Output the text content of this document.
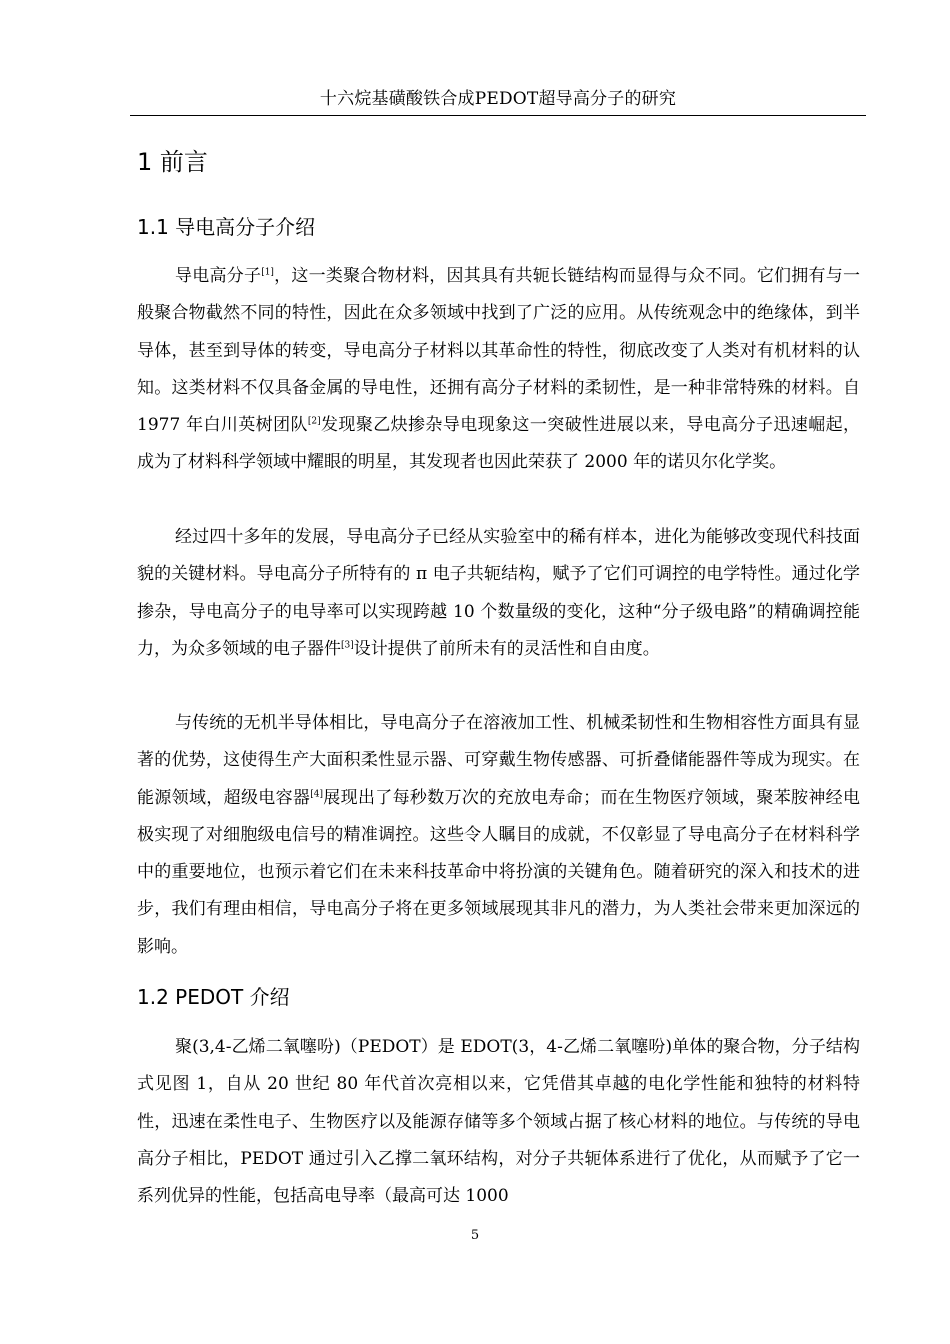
十六烷基磺酸铁合成PEDOT超导高分子的研究
1 前言
1.1 导电高分子介绍

导电高分子[1]，这一类聚合物材料，因其具有共轭长链结构而显得与众不同。它们拥有与一般聚合物截然不同的特性，因此在众多领域中找到了广泛的应用。从传统观念中的绝缘体，到半导体，甚至到导体的转变，导电高分子材料以其革命性的特性，彻底改变了人类对有机材料的认知。这类材料不仅具备金属的导电性，还拥有高分子材料的柔韧性，是一种非常特殊的材料。自 1977 年白川英树团队[2]发现聚乙炔掺杂导电现象这一突破性进展以来，导电高分子迅速崛起，成为了材料科学领域中耀眼的明星，其发现者也因此荣获了 2000 年的诺贝尔化学奖。

经过四十多年的发展，导电高分子已经从实验室中的稀有样本，进化为能够改变现代科技面貌的关键材料。导电高分子所特有的 π 电子共轭结构，赋予了它们可调控的电学特性。通过化学掺杂，导电高分子的电导率可以实现跨越 10 个数量级的变化，这种“分子级电路”的精确调控能力，为众多领域的电子器件[3]设计提供了前所未有的灵活性和自由度。

与传统的无机半导体相比，导电高分子在溶液加工性、机械柔韧性和生物相容性方面具有显著的优势，这使得生产大面积柔性显示器、可穿戴生物传感器、可折叠储能器件等成为现实。在能源领域，超级电容器[4]展现出了每秒数万次的充放电寿命；而在生物医疗领域，聚苯胺神经电极实现了对细胞级电信号的精准调控。这些令人瞩目的成就，不仅彰显了导电高分子在材料科学中的重要地位，也预示着它们在未来科技革命中将扮演的关键角色。随着研究的深入和技术的进步，我们有理由相信，导电高分子将在更多领域展现其非凡的潜力，为人类社会带来更加深远的影响。

1.2 PEDOT 介绍

聚(3,4-乙烯二氧噻吩)（PEDOT）是 EDOT(3，4-乙烯二氧噻吩)单体的聚合物，分子结构式见图 1，自从 20 世纪 80 年代首次亮相以来，它凭借其卓越的电化学性能和独特的材料特性，迅速在柔性电子、生物医疗以及能源存储等多个领域占据了核心材料的地位。与传统的导电高分子相比，PEDOT 通过引入乙撑二氧环结构，对分子共轭体系进行了优化，从而赋予了它一系列优异的性能，包括高电导率（最高可达 1000

5
